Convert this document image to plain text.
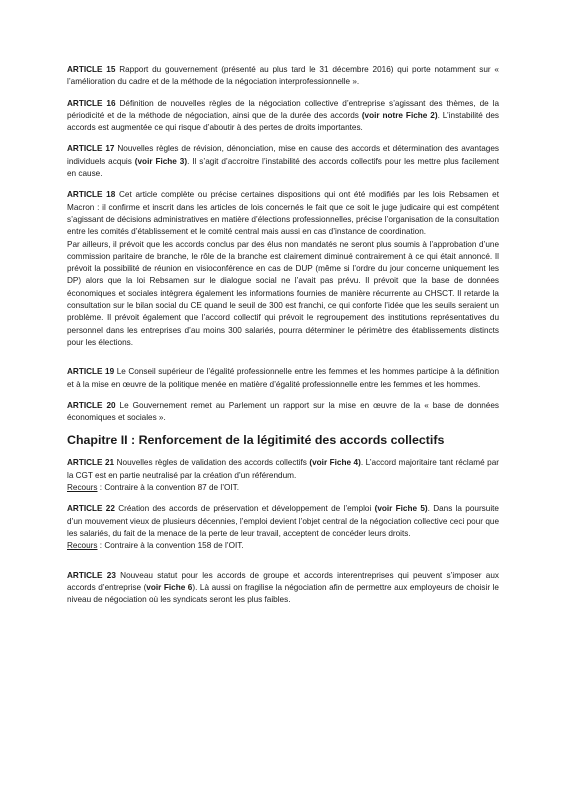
ARTICLE 15 Rapport du gouvernement (présenté au plus tard le 31 décembre 2016) qui porte notamment sur « l’amélioration du cadre et de la méthode de la négociation interprofessionnelle ».

ARTICLE 16 Définition de nouvelles règles de la négociation collective d’entreprise s’agissant des thèmes, de la périodicité et de la méthode de négociation, ainsi que de la durée des accords (voir notre Fiche 2). L’instabilité des accords est augmentée ce qui risque d’aboutir à des pertes de droits importantes.

ARTICLE 17 Nouvelles règles de révision, dénonciation, mise en cause des accords et détermination des avantages individuels acquis (voir Fiche 3). Il s’agit d’accroitre l’instabilité des accords collectifs pour les mettre plus facilement en cause.

ARTICLE 18 Cet article complète ou précise certaines dispositions qui ont été modifiés par les lois Rebsamen et Macron : il confirme et inscrit dans les articles de lois concernés le fait que ce soit le juge judicaire qui est compétent s’agissant de décisions administratives en matière d’élections professionnelles, précise l’organisation de la consultation entre les comités d’établissement et le comité central mais aussi en cas d’instance de coordination.

Par ailleurs, il prévoit que les accords conclus par des élus non mandatés ne seront plus soumis à l’approbation d’une commission paritaire de branche, le rôle de la branche est clairement diminué contrairement à ce qui était annoncé. Il prévoit la possibilité de réunion en visioconférence en cas de DUP (même si l’ordre du jour concerne uniquement les DP) alors que la loi Rebsamen sur le dialogue social ne l’avait pas prévu. Il prévoit que la base de données économiques et sociales intègrera également les informations fournies de manière récurrente au CHSCT. Il retarde la consultation sur le bilan social du CE quand le seuil de 300 est franchi, ce qui conforte l’idée que les seuils seraient un problème. Il prévoit également que l’accord collectif qui prévoit le regroupement des institutions représentatives du personnel dans les entreprises d’au moins 300 salariés, pourra déterminer le périmètre des établissements distincts pour les élections.

ARTICLE 19 Le Conseil supérieur de l’égalité professionnelle entre les femmes et les hommes participe à la définition et à la mise en œuvre de la politique menée en matière d’égalité professionnelle entre les femmes et les hommes.

ARTICLE 20 Le Gouvernement remet au Parlement un rapport sur la mise en œuvre de la « base de données économiques et sociales ».

Chapitre II : Renforcement de la légitimité des accords collectifs

ARTICLE 21 Nouvelles règles de validation des accords collectifs (voir Fiche 4). L’accord majoritaire tant réclamé par la CGT est en partie neutralisé par la création d’un référendum.
Recours : Contraire à la convention 87 de l’OIT.

ARTICLE 22 Création des accords de préservation et développement de l’emploi (voir Fiche 5). Dans la poursuite d’un mouvement vieux de plusieurs décennies, l’emploi devient l’objet central de la négociation collective ceci pour que les salariés, du fait de la menace de la perte de leur travail, acceptent de concéder leurs droits.
Recours : Contraire à la convention 158 de l’OIT.

ARTICLE 23 Nouveau statut pour les accords de groupe et accords interentreprises qui peuvent s’imposer aux accords d’entreprise (voir Fiche 6). Là aussi on fragilise la négociation afin de permettre aux employeurs de choisir le niveau de négociation où les syndicats seront les plus faibles.
